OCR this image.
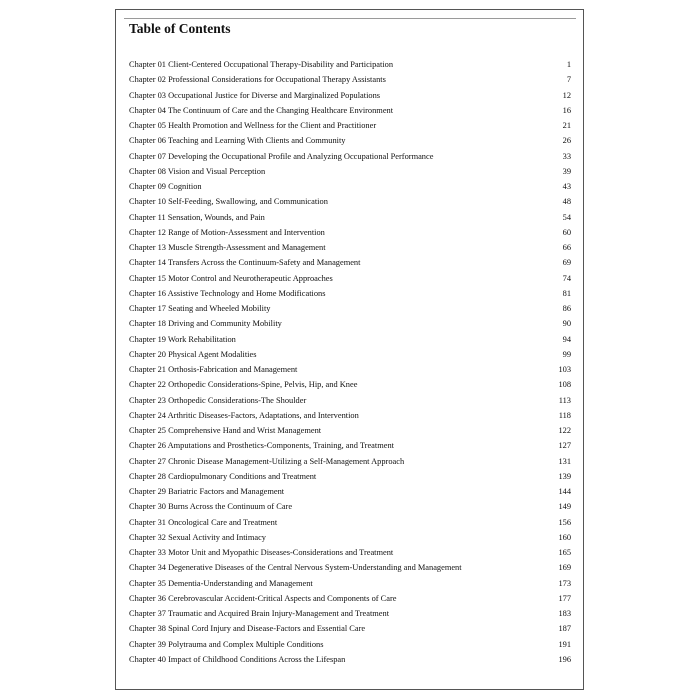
Table of Contents
Chapter 01 Client-Centered Occupational Therapy-Disability and Participation	1
Chapter 02 Professional Considerations for Occupational Therapy Assistants	7
Chapter 03 Occupational Justice for Diverse and Marginalized Populations	12
Chapter 04 The Continuum of Care and the Changing Healthcare Environment	16
Chapter 05 Health Promotion and Wellness for the Client and Practitioner	21
Chapter 06 Teaching and Learning With Clients and Community	26
Chapter 07 Developing the Occupational Profile and Analyzing Occupational Performance	33
Chapter 08 Vision and Visual Perception	39
Chapter 09 Cognition	43
Chapter 10 Self-Feeding, Swallowing, and Communication	48
Chapter 11 Sensation, Wounds, and Pain	54
Chapter 12 Range of Motion-Assessment and Intervention	60
Chapter 13 Muscle Strength-Assessment and Management	66
Chapter 14 Transfers Across the Continuum-Safety and Management	69
Chapter 15 Motor Control and Neurotherapeutic Approaches	74
Chapter 16 Assistive Technology and Home Modifications	81
Chapter 17 Seating and Wheeled Mobility	86
Chapter 18 Driving and Community Mobility	90
Chapter 19 Work Rehabilitation	94
Chapter 20 Physical Agent Modalities	99
Chapter 21 Orthosis-Fabrication and Management	103
Chapter 22 Orthopedic Considerations-Spine, Pelvis, Hip, and Knee	108
Chapter 23 Orthopedic Considerations-The Shoulder	113
Chapter 24 Arthritic Diseases-Factors, Adaptations, and Intervention	118
Chapter 25 Comprehensive Hand and Wrist Management	122
Chapter 26 Amputations and Prosthetics-Components, Training, and Treatment	127
Chapter 27 Chronic Disease Management-Utilizing a Self-Management Approach	131
Chapter 28 Cardiopulmonary Conditions and Treatment	139
Chapter 29 Bariatric Factors and Management	144
Chapter 30 Burns Across the Continuum of Care	149
Chapter 31 Oncological Care and Treatment	156
Chapter 32 Sexual Activity and Intimacy	160
Chapter 33 Motor Unit and Myopathic Diseases-Considerations and Treatment	165
Chapter 34 Degenerative Diseases of the Central Nervous System-Understanding and Management	169
Chapter 35 Dementia-Understanding and Management	173
Chapter 36 Cerebrovascular Accident-Critical Aspects and Components of Care	177
Chapter 37 Traumatic and Acquired Brain Injury-Management and Treatment	183
Chapter 38 Spinal Cord Injury and Disease-Factors and Essential Care	187
Chapter 39 Polytrauma and Complex Multiple Conditions	191
Chapter 40 Impact of Childhood Conditions Across the Lifespan	196
